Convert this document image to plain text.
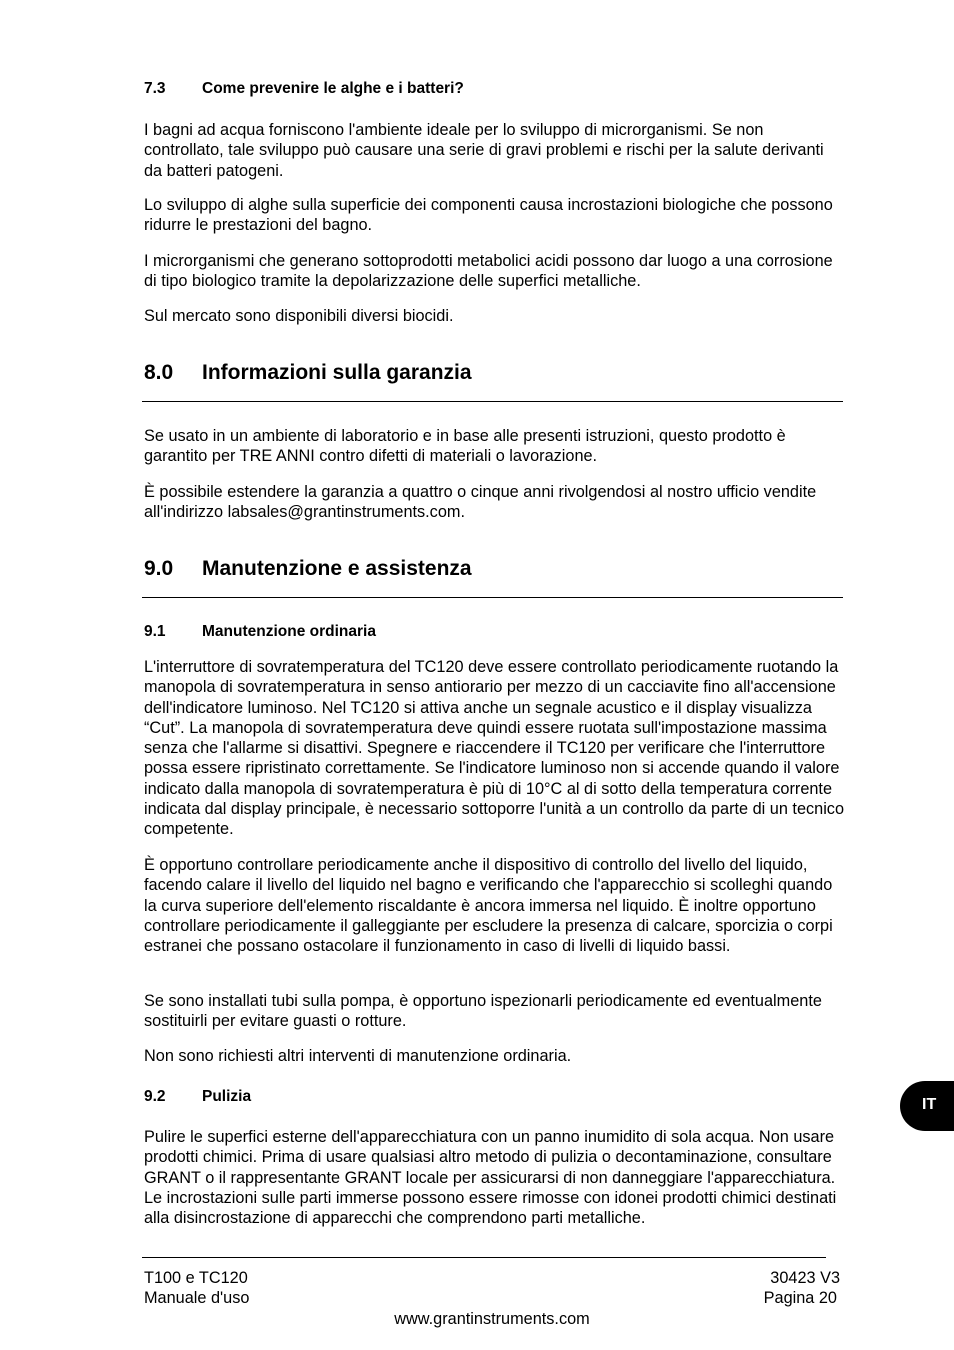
7.3 Come prevenire le alghe e i batteri?

I bagni ad acqua forniscono l'ambiente ideale per lo sviluppo di microrganismi. Se non controllato, tale sviluppo può causare una serie di gravi problemi e rischi per la salute derivanti da batteri patogeni.

Lo sviluppo di alghe sulla superficie dei componenti causa incrostazioni biologiche che possono ridurre le prestazioni del bagno.

I microrganismi che generano sottoprodotti metabolici acidi possono dar luogo a una corrosione di tipo biologico tramite la depolarizzazione delle superfici metalliche.

Sul mercato sono disponibili diversi biocidi.

8.0 Informazioni sulla garanzia

Se usato in un ambiente di laboratorio e in base alle presenti istruzioni, questo prodotto è garantito per TRE ANNI contro difetti di materiali o lavorazione.

È possibile estendere la garanzia a quattro o cinque anni rivolgendosi al nostro ufficio vendite all'indirizzo labsales@grantinstruments.com.

9.0 Manutenzione e assistenza
9.1 Manutenzione ordinaria

L'interruttore di sovratemperatura del TC120 deve essere controllato periodicamente ruotando la manopola di sovratemperatura in senso antiorario per mezzo di un cacciavite fino all'accensione dell'indicatore luminoso. Nel TC120 si attiva anche un segnale acustico e il display visualizza “Cut”. La manopola di sovratemperatura deve quindi essere ruotata sull'impostazione massima senza che l'allarme si disattivi. Spegnere e riaccendere il TC120 per verificare che l'interruttore possa essere ripristinato correttamente. Se l'indicatore luminoso non si accende quando il valore indicato dalla manopola di sovratemperatura è più di 10°C al di sotto della temperatura corrente indicata dal display principale, è necessario sottoporre l'unità a un controllo da parte di un tecnico competente.

È opportuno controllare periodicamente anche il dispositivo di controllo del livello del liquido, facendo calare il livello del liquido nel bagno e verificando che l'apparecchio si scolleghi quando la curva superiore dell'elemento riscaldante è ancora immersa nel liquido. È inoltre opportuno controllare periodicamente il galleggiante per escludere la presenza di calcare, sporcizia o corpi estranei che possano ostacolare il funzionamento in caso di livelli di liquido bassi.

Se sono installati tubi sulla pompa, è opportuno ispezionarli periodicamente ed eventualmente sostituirli per evitare guasti o rotture.

Non sono richiesti altri interventi di manutenzione ordinaria.

9.2 Pulizia

Pulire le superfici esterne dell'apparecchiatura con un panno inumidito di sola acqua. Non usare prodotti chimici. Prima di usare qualsiasi altro metodo di pulizia o decontaminazione, consultare GRANT o il rappresentante GRANT locale per assicurarsi di non danneggiare l'apparecchiatura. Le incrostazioni sulle parti immerse possono essere rimosse con idonei prodotti chimici destinati alla disincrostazione di apparecchi che comprendono parti metalliche.

IT
T100 e TC120
Manuale d'uso
30423 V3
Pagina 20
www.grantinstruments.com
